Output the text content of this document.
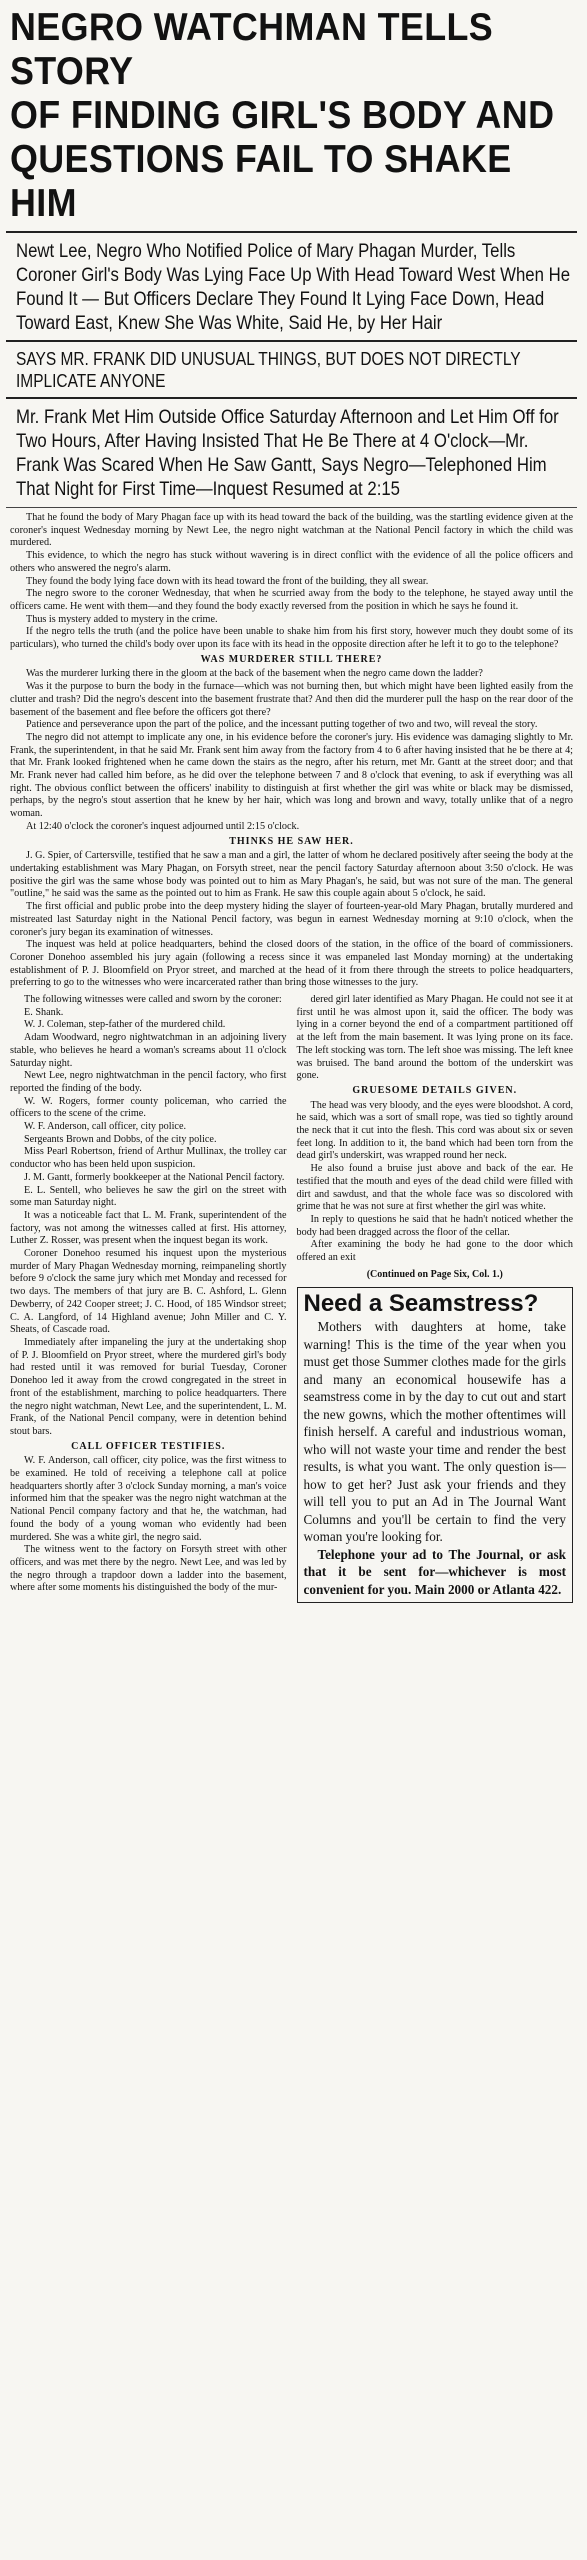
NEGRO WATCHMAN TELLS STORY
OF FINDING GIRL'S BODY AND
QUESTIONS FAIL TO SHAKE HIM
Newt Lee, Negro Who Notified Police of Mary Phagan Murder, Tells Coroner Girl's Body Was Lying Face Up With Head Toward West When He Found It — But Officers Declare They Found It Lying Face Down, Head Toward East, Knew She Was White, Said He, by Her Hair
SAYS MR. FRANK DID UNUSUAL THINGS, BUT DOES NOT DIRECTLY IMPLICATE ANYONE
Mr. Frank Met Him Outside Office Saturday Afternoon and Let Him Off for Two Hours, After Having Insisted That He Be There at 4 O'clock—Mr. Frank Was Scared When He Saw Gantt, Says Negro—Telephoned Him That Night for First Time—Inquest Resumed at 2:15

That he found the body of Mary Phagan face up with its head toward the back of the building, was the startling evidence given at the coroner's inquest Wednesday morning by Newt Lee, the negro night watchman at the National Pencil factory in which the child was murdered.

This evidence, to which the negro has stuck without wavering is in direct conflict with the evidence of all the police officers and others who answered the negro's alarm.

They found the body lying face down with its head toward the front of the building, they all swear.

The negro swore to the coroner Wednesday, that when he scurried away from the body to the telephone, he stayed away until the officers came. He went with them—and they found the body exactly reversed from the position in which he says he found it.

Thus is mystery added to mystery in the crime.

If the negro tells the truth (and the police have been unable to shake him from his first story, however much they doubt some of its particulars), who turned the child's body over upon its face with its head in the opposite direction after he left it to go to the telephone?

WAS MURDERER STILL THERE?

Was the murderer lurking there in the gloom at the back of the basement when the negro came down the ladder?

Was it the purpose to burn the body in the furnace—which was not burning then, but which might have been lighted easily from the clutter and trash? Did the negro's descent into the basement frustrate that? And then did the murderer pull the hasp on the rear door of the basement of the basement and flee before the officers got there?

Patience and perseverance upon the part of the police, and the incessant putting together of two and two, will reveal the story.

The negro did not attempt to implicate any one, in his evidence before the coroner's jury. His evidence was damaging slightly to Mr. Frank, the superintendent, in that he said Mr. Frank sent him away from the factory from 4 to 6 after having insisted that he be there at 4; that Mr. Frank looked frightened when he came down the stairs as the negro, after his return, met Mr. Gantt at the street door; and that Mr. Frank never had called him before, as he did over the telephone between 7 and 8 o'clock that evening, to ask if everything was all right. The obvious conflict between the officers' inability to distinguish at first whether the girl was white or black may be dismissed, perhaps, by the negro's stout assertion that he knew by her hair, which was long and brown and wavy, totally unlike that of a negro woman.

At 12:40 o'clock the coroner's inquest adjourned until 2:15 o'clock.

THINKS HE SAW HER.

J. G. Spier, of Cartersville, testified that he saw a man and a girl, the latter of whom he declared positively after seeing the body at the undertaking establishment was Mary Phagan, on Forsyth street, near the pencil factory Saturday afternoon about 3:50 o'clock. He was positive the girl was the same whose body was pointed out to him as Mary Phagan's, he said, but was not sure of the man. The general "outline," he said was the same as the pointed out to him as Frank. He saw this couple again about 5 o'clock, he said.

The first official and public probe into the deep mystery hiding the slayer of fourteen-year-old Mary Phagan, brutally murdered and mistreated last Saturday night in the National Pencil factory, was begun in earnest Wednesday morning at 9:10 o'clock, when the coroner's jury began its examination of witnesses.

The inquest was held at police headquarters, behind the closed doors of the station, in the office of the board of commissioners. Coroner Donehoo assembled his jury again (following a recess since it was empaneled last Monday morning) at the undertaking establishment of P. J. Bloomfield on Pryor street, and marched at the head of it from there through the streets to police headquarters, preferring to go to the witnesses who were incarcerated rather than bring those witnesses to the jury.

The following witnesses were called and sworn by the coroner:

E. Shank.

W. J. Coleman, step-father of the murdered child.

Adam Woodward, negro nightwatchman in an adjoining livery stable, who believes he heard a woman's screams about 11 o'clock Saturday night.

Newt Lee, negro nightwatchman in the pencil factory, who first reported the finding of the body.

W. W. Rogers, former county policeman, who carried the officers to the scene of the crime.

W. F. Anderson, call officer, city police.

Sergeants Brown and Dobbs, of the city police.

Miss Pearl Robertson, friend of Arthur Mullinax, the trolley car conductor who has been held upon suspicion.

J. M. Gantt, formerly bookkeeper at the National Pencil factory.

E. L. Sentell, who believes he saw the girl on the street with some man Saturday night.

It was a noticeable fact that L. M. Frank, superintendent of the factory, was not among the witnesses called at first. His attorney, Luther Z. Rosser, was present when the inquest began its work.

Coroner Donehoo resumed his inquest upon the mysterious murder of Mary Phagan Wednesday morning, reimpaneling shortly before 9 o'clock the same jury which met Monday and recessed for two days. The members of that jury are B. C. Ashford, L. Glenn Dewberry, of 242 Cooper street; J. C. Hood, of 185 Windsor street; C. A. Langford, of 14 Highland avenue; John Miller and C. Y. Sheats, of Cascade road.

Immediately after impaneling the jury at the undertaking shop of P. J. Bloomfield on Pryor street, where the murdered girl's body had rested until it was removed for burial Tuesday, Coroner Donehoo led it away from the crowd congregated in the street in front of the establishment, marching to police headquarters. There the negro night watchman, Newt Lee, and the superintendent, L. M. Frank, of the National Pencil company, were in detention behind stout bars.

CALL OFFICER TESTIFIES.

W. F. Anderson, call officer, city police, was the first witness to be examined. He told of receiving a telephone call at police headquarters shortly after 3 o'clock Sunday morning, a man's voice informed him that the speaker was the negro night watchman at the National Pencil company factory and that he, the watchman, had found the body of a young woman who evidently had been murdered. She was a white girl, the negro said.

The witness went to the factory on Forsyth street with other officers, and was met there by the negro. Newt Lee, and was led by the negro through a trapdoor down a ladder into the basement, where after some moments his distinguished the body of the mur-

dered girl later identified as Mary Phagan. He could not see it at first until he was almost upon it, said the officer. The body was lying in a corner beyond the end of a compartment partitioned off at the left from the main basement. It was lying prone on its face. The left stocking was torn. The left shoe was missing. The left knee was bruised. The band around the bottom of the underskirt was gone.

GRUESOME DETAILS GIVEN.

The head was very bloody, and the eyes were bloodshot. A cord, he said, which was a sort of small rope, was tied so tightly around the neck that it cut into the flesh. This cord was about six or seven feet long. In addition to it, the band which had been torn from the dead girl's underskirt, was wrapped round her neck.

He also found a bruise just above and back of the ear. He testified that the mouth and eyes of the dead child were filled with dirt and sawdust, and that the whole face was so discolored with grime that he was not sure at first whether the girl was white.

In reply to questions he said that he hadn't noticed whether the body had been dragged across the floor of the cellar.

After examining the body he had gone to the door which offered an exit

(Continued on Page Six, Col. 1.)
Need a Seamstress?

Mothers with daughters at home, take warning! This is the time of the year when you must get those Summer clothes made for the girls and many an economical housewife has a seamstress come in by the day to cut out and start the new gowns, which the mother oftentimes will finish herself. A careful and industrious woman, who will not waste your time and render the best results, is what you want. The only question is—how to get her? Just ask your friends and they will tell you to put an Ad in The Journal Want Columns and you'll be certain to find the very woman you're looking for.

Telephone your ad to The Journal, or ask that it be sent for—whichever is most convenient for you. Main 2000 or Atlanta 422.
